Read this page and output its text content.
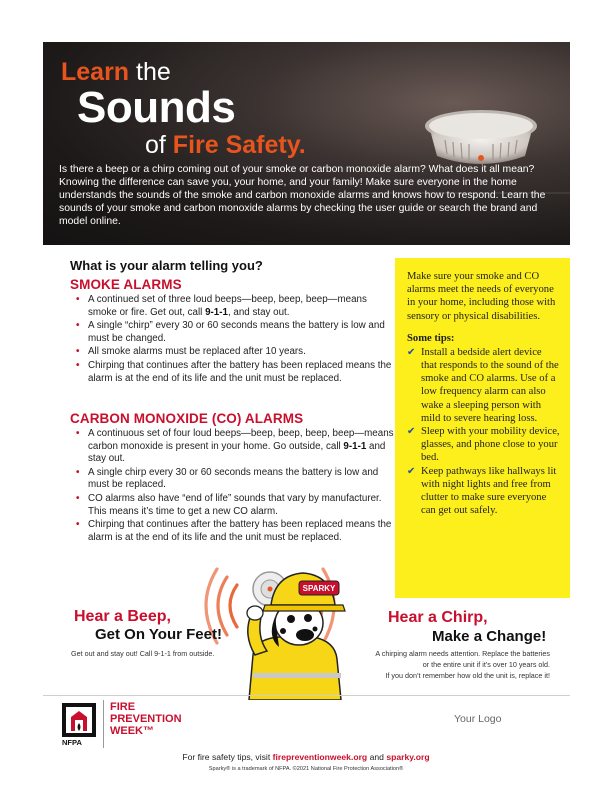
Learn the
Sounds
of Fire Safety.

Is there a beep or a chirp coming out of your smoke or carbon monoxide alarm? What does it all mean? Knowing the difference can save you, your home, and your family! Make sure everyone in the home understands the sounds of the smoke and carbon monoxide alarms and knows how to respond. Learn the sounds of your smoke and carbon monoxide alarms by checking the user guide or search the brand and model online.

What is your alarm telling you?
SMOKE ALARMS
• A continued set of three loud beeps—beep, beep, beep—means smoke or fire. Get out, call 9-1-1, and stay out.
• A single “chirp” every 30 or 60 seconds means the battery is low and must be changed.
• All smoke alarms must be replaced after 10 years.
• Chirping that continues after the battery has been replaced means the alarm is at the end of its life and the unit must be replaced.
CARBON MONOXIDE (CO) ALARMS
• A continuous set of four loud beeps—beep, beep, beep, beep—means carbon monoxide is present in your home. Go outside, call 9-1-1 and stay out.
• A single chirp every 30 or 60 seconds means the battery is low and must be replaced.
• CO alarms also have “end of life” sounds that vary by manufacturer. This means it’s time to get a new CO alarm.
• Chirping that continues after the battery has been replaced means the alarm is at the end of its life and the unit must be replaced.

Make sure your smoke and CO alarms meet the needs of everyone in your home, including those with sensory or physical disabilities.

Some tips:

✔ Install a bedside alert device that responds to the sound of the smoke and CO alarms. Use of a low frequency alarm can also wake a sleeping person with mild to severe hearing loss.
✔ Sleep with your mobility device, glasses, and phone close to your bed.
✔ Keep pathways like hallways lit with night lights and free from clutter to make sure everyone can get out safely.
SPARKY
Hear a Beep,
Get On Your Feet!
Get out and stay out! Call 9-1-1 from outside.
Hear a Chirp,
Make a Change!
A chirping alarm needs attention. Replace the batteries
or the entire unit if it’s over 10 years old.
If you don’t remember how old the unit is, replace it!
NFPA
FIRE
PREVENTION
WEEK™
Your Logo
For fire safety tips, visit firepreventionweek.org and sparky.org
Sparky® is a trademark of NFPA. ©2021 National Fire Protection Association®
